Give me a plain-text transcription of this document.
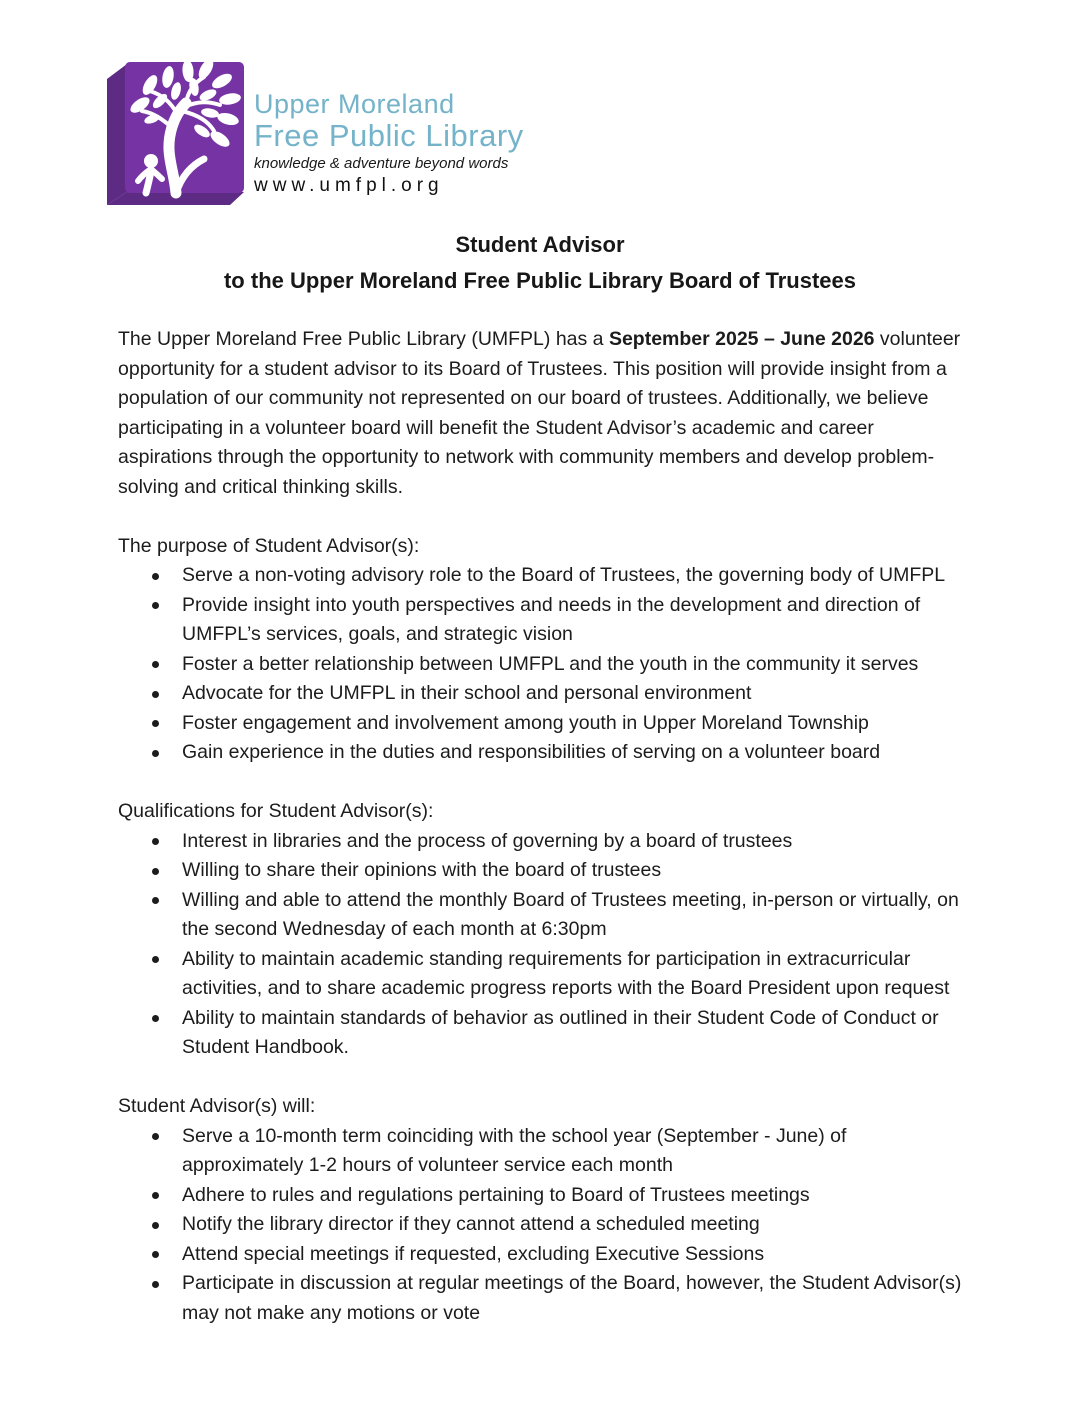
Upper Moreland
Free Public Library
knowledge & adventure beyond words
www.umfpl.org
Student Advisor
to the Upper Moreland Free Public Library Board of Trustees

The Upper Moreland Free Public Library (UMFPL) has a September 2025 – June 2026 volunteer opportunity for a student advisor to its Board of Trustees. This position will provide insight from a population of our community not represented on our board of trustees. Additionally, we believe participating in a volunteer board will benefit the Student Advisor’s academic and career aspirations through the opportunity to network with community members and develop problem-solving and critical thinking skills.

The purpose of Student Advisor(s):
Serve a non-voting advisory role to the Board of Trustees, the governing body of UMFPL
Provide insight into youth perspectives and needs in the development and direction of UMFPL’s services, goals, and strategic vision
Foster a better relationship between UMFPL and the youth in the community it serves
Advocate for the UMFPL in their school and personal environment
Foster engagement and involvement among youth in Upper Moreland Township
Gain experience in the duties and responsibilities of serving on a volunteer board
Qualifications for Student Advisor(s):
Interest in libraries and the process of governing by a board of trustees
Willing to share their opinions with the board of trustees
Willing and able to attend the monthly Board of Trustees meeting, in-person or virtually, on the second Wednesday of each month at 6:30pm
Ability to maintain academic standing requirements for participation in extracurricular activities, and to share academic progress reports with the Board President upon request
Ability to maintain standards of behavior as outlined in their Student Code of Conduct or Student Handbook.
Student Advisor(s) will:
Serve a 10-month term coinciding with the school year (September - June) of approximately 1-2 hours of volunteer service each month
Adhere to rules and regulations pertaining to Board of Trustees meetings
Notify the library director if they cannot attend a scheduled meeting
Attend special meetings if requested, excluding Executive Sessions
Participate in discussion at regular meetings of the Board, however, the Student Advisor(s) may not make any motions or vote
